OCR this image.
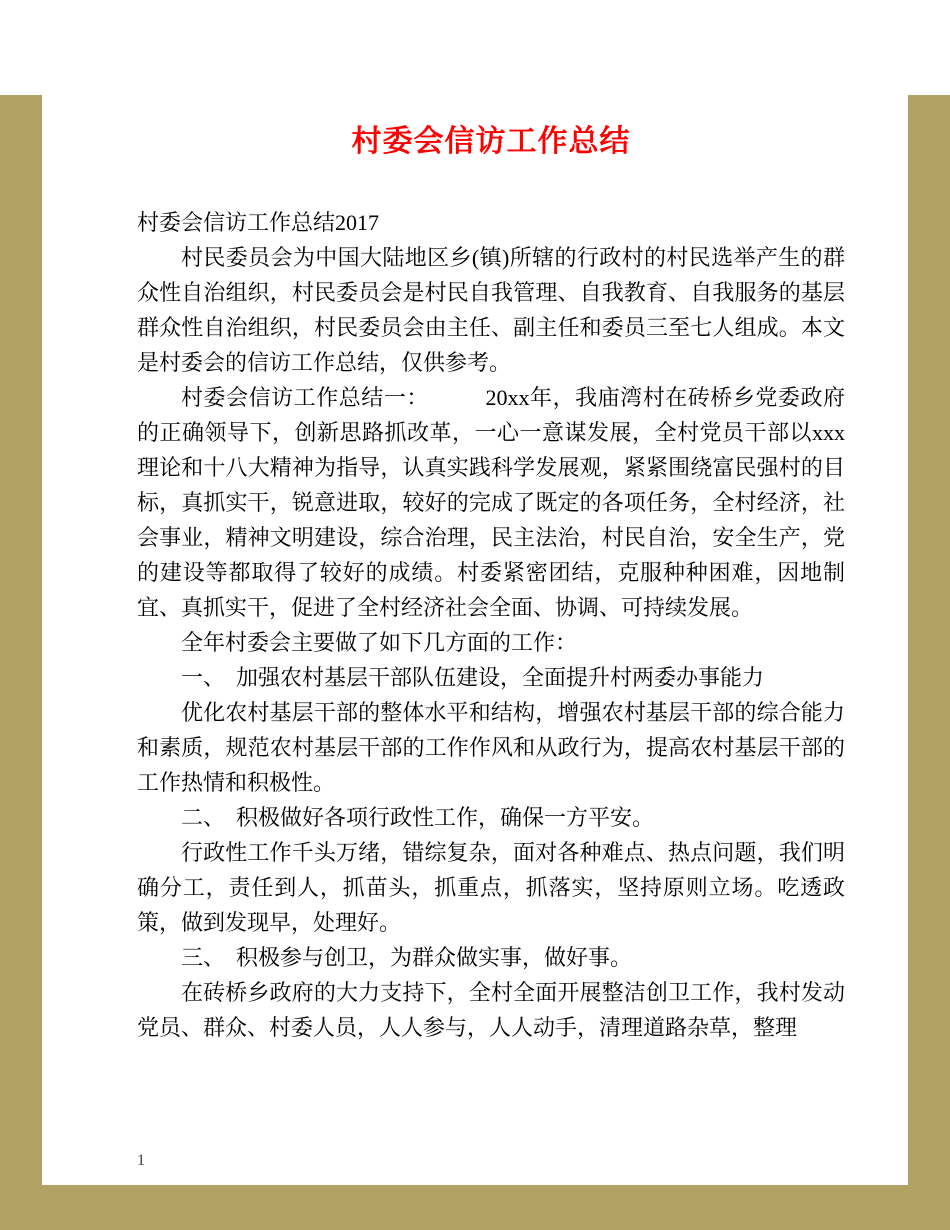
村委会信访工作总结

村委会信访工作总结2017

村民委员会为中国大陆地区乡(镇)所辖的行政村的村民选举产生的群众性自治组织，村民委员会是村民自我管理、自我教育、自我服务的基层群众性自治组织，村民委员会由主任、副主任和委员三至七人组成。本文是村委会的信访工作总结，仅供参考。

村委会信访工作总结一：　　　20xx年，我庙湾村在砖桥乡党委政府的正确领导下，创新思路抓改革，一心一意谋发展，全村党员干部以xxx理论和十八大精神为指导，认真实践科学发展观，紧紧围绕富民强村的目标，真抓实干，锐意进取，较好的完成了既定的各项任务，全村经济，社会事业，精神文明建设，综合治理，民主法治，村民自治，安全生产，党的建设等都取得了较好的成绩。村委紧密团结，克服种种困难，因地制宜、真抓实干，促进了全村经济社会全面、协调、可持续发展。

全年村委会主要做了如下几方面的工作：

一、　加强农村基层干部队伍建设，全面提升村两委办事能力

优化农村基层干部的整体水平和结构，增强农村基层干部的综合能力和素质，规范农村基层干部的工作作风和从政行为，提高农村基层干部的工作热情和积极性。

二、　积极做好各项行政性工作，确保一方平安。

行政性工作千头万绪，错综复杂，面对各种难点、热点问题，我们明确分工，责任到人，抓苗头，抓重点，抓落实，坚持原则立场。吃透政策，做到发现早，处理好。

三、　积极参与创卫，为群众做实事，做好事。

在砖桥乡政府的大力支持下，全村全面开展整洁创卫工作，我村发动党员、群众、村委人员，人人参与，人人动手，清理道路杂草，整理

1
